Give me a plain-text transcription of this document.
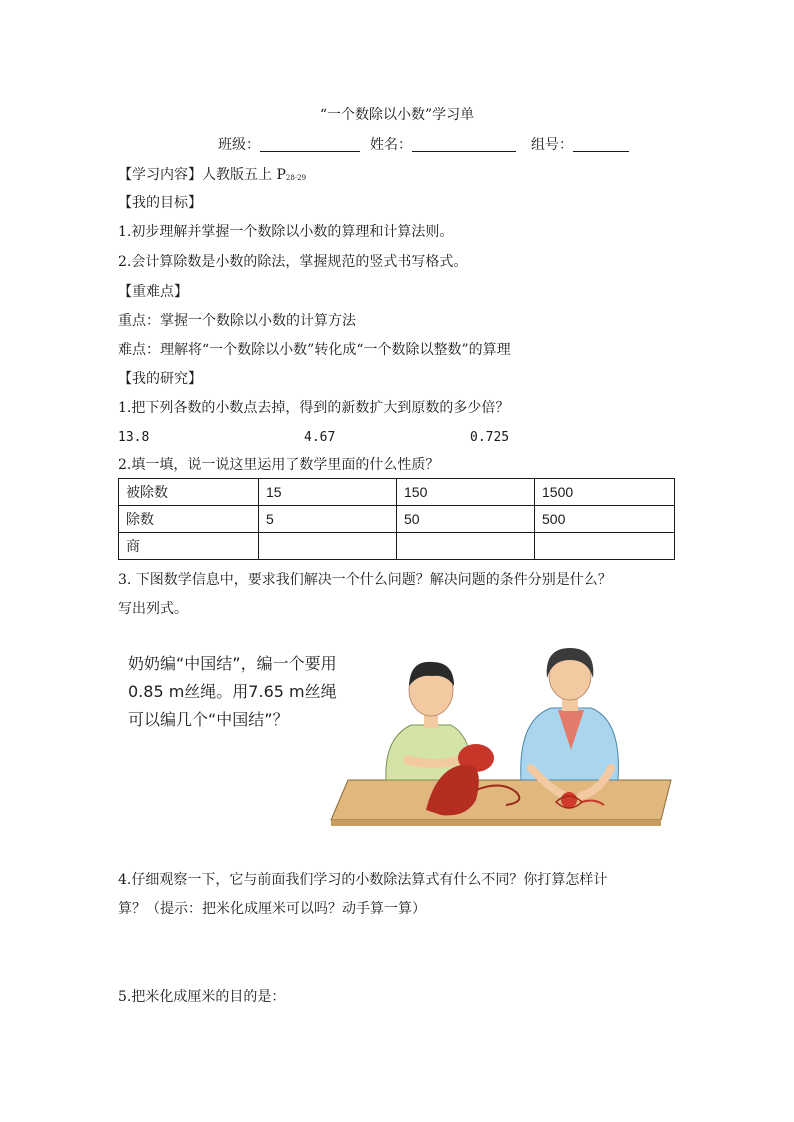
“一个数除以小数”学习单
班级：	姓名：	组号：
【学习内容】人教版五上 P28-29
【我的目标】
1.初步理解并掌握一个数除以小数的算理和计算法则。
2.会计算除数是小数的除法，掌握规范的竖式书写格式。
【重难点】
重点：掌握一个数除以小数的计算方法
难点：理解将“一个数除以小数”转化成“一个数除以整数”的算理
【我的研究】
1.把下列各数的小数点去掉，得到的新数扩大到原数的多少倍？
13.8	4.67	0.725
2.填一填，说一说这里运用了数学里面的什么性质？
被除数	15	150	1500
除数	5	50	500
商			
3. 下图数学信息中，要求我们解决一个什么问题？解决问题的条件分别是什么？
写出列式。
奶奶编“中国结”，编一个要用0.85 m丝绳。用7.65 m丝绳可以编几个“中国结”？
4.仔细观察一下，它与前面我们学习的小数除法算式有什么不同？你打算怎样计
算？（提示：把米化成厘米可以吗？动手算一算）
5.把米化成厘米的目的是：
